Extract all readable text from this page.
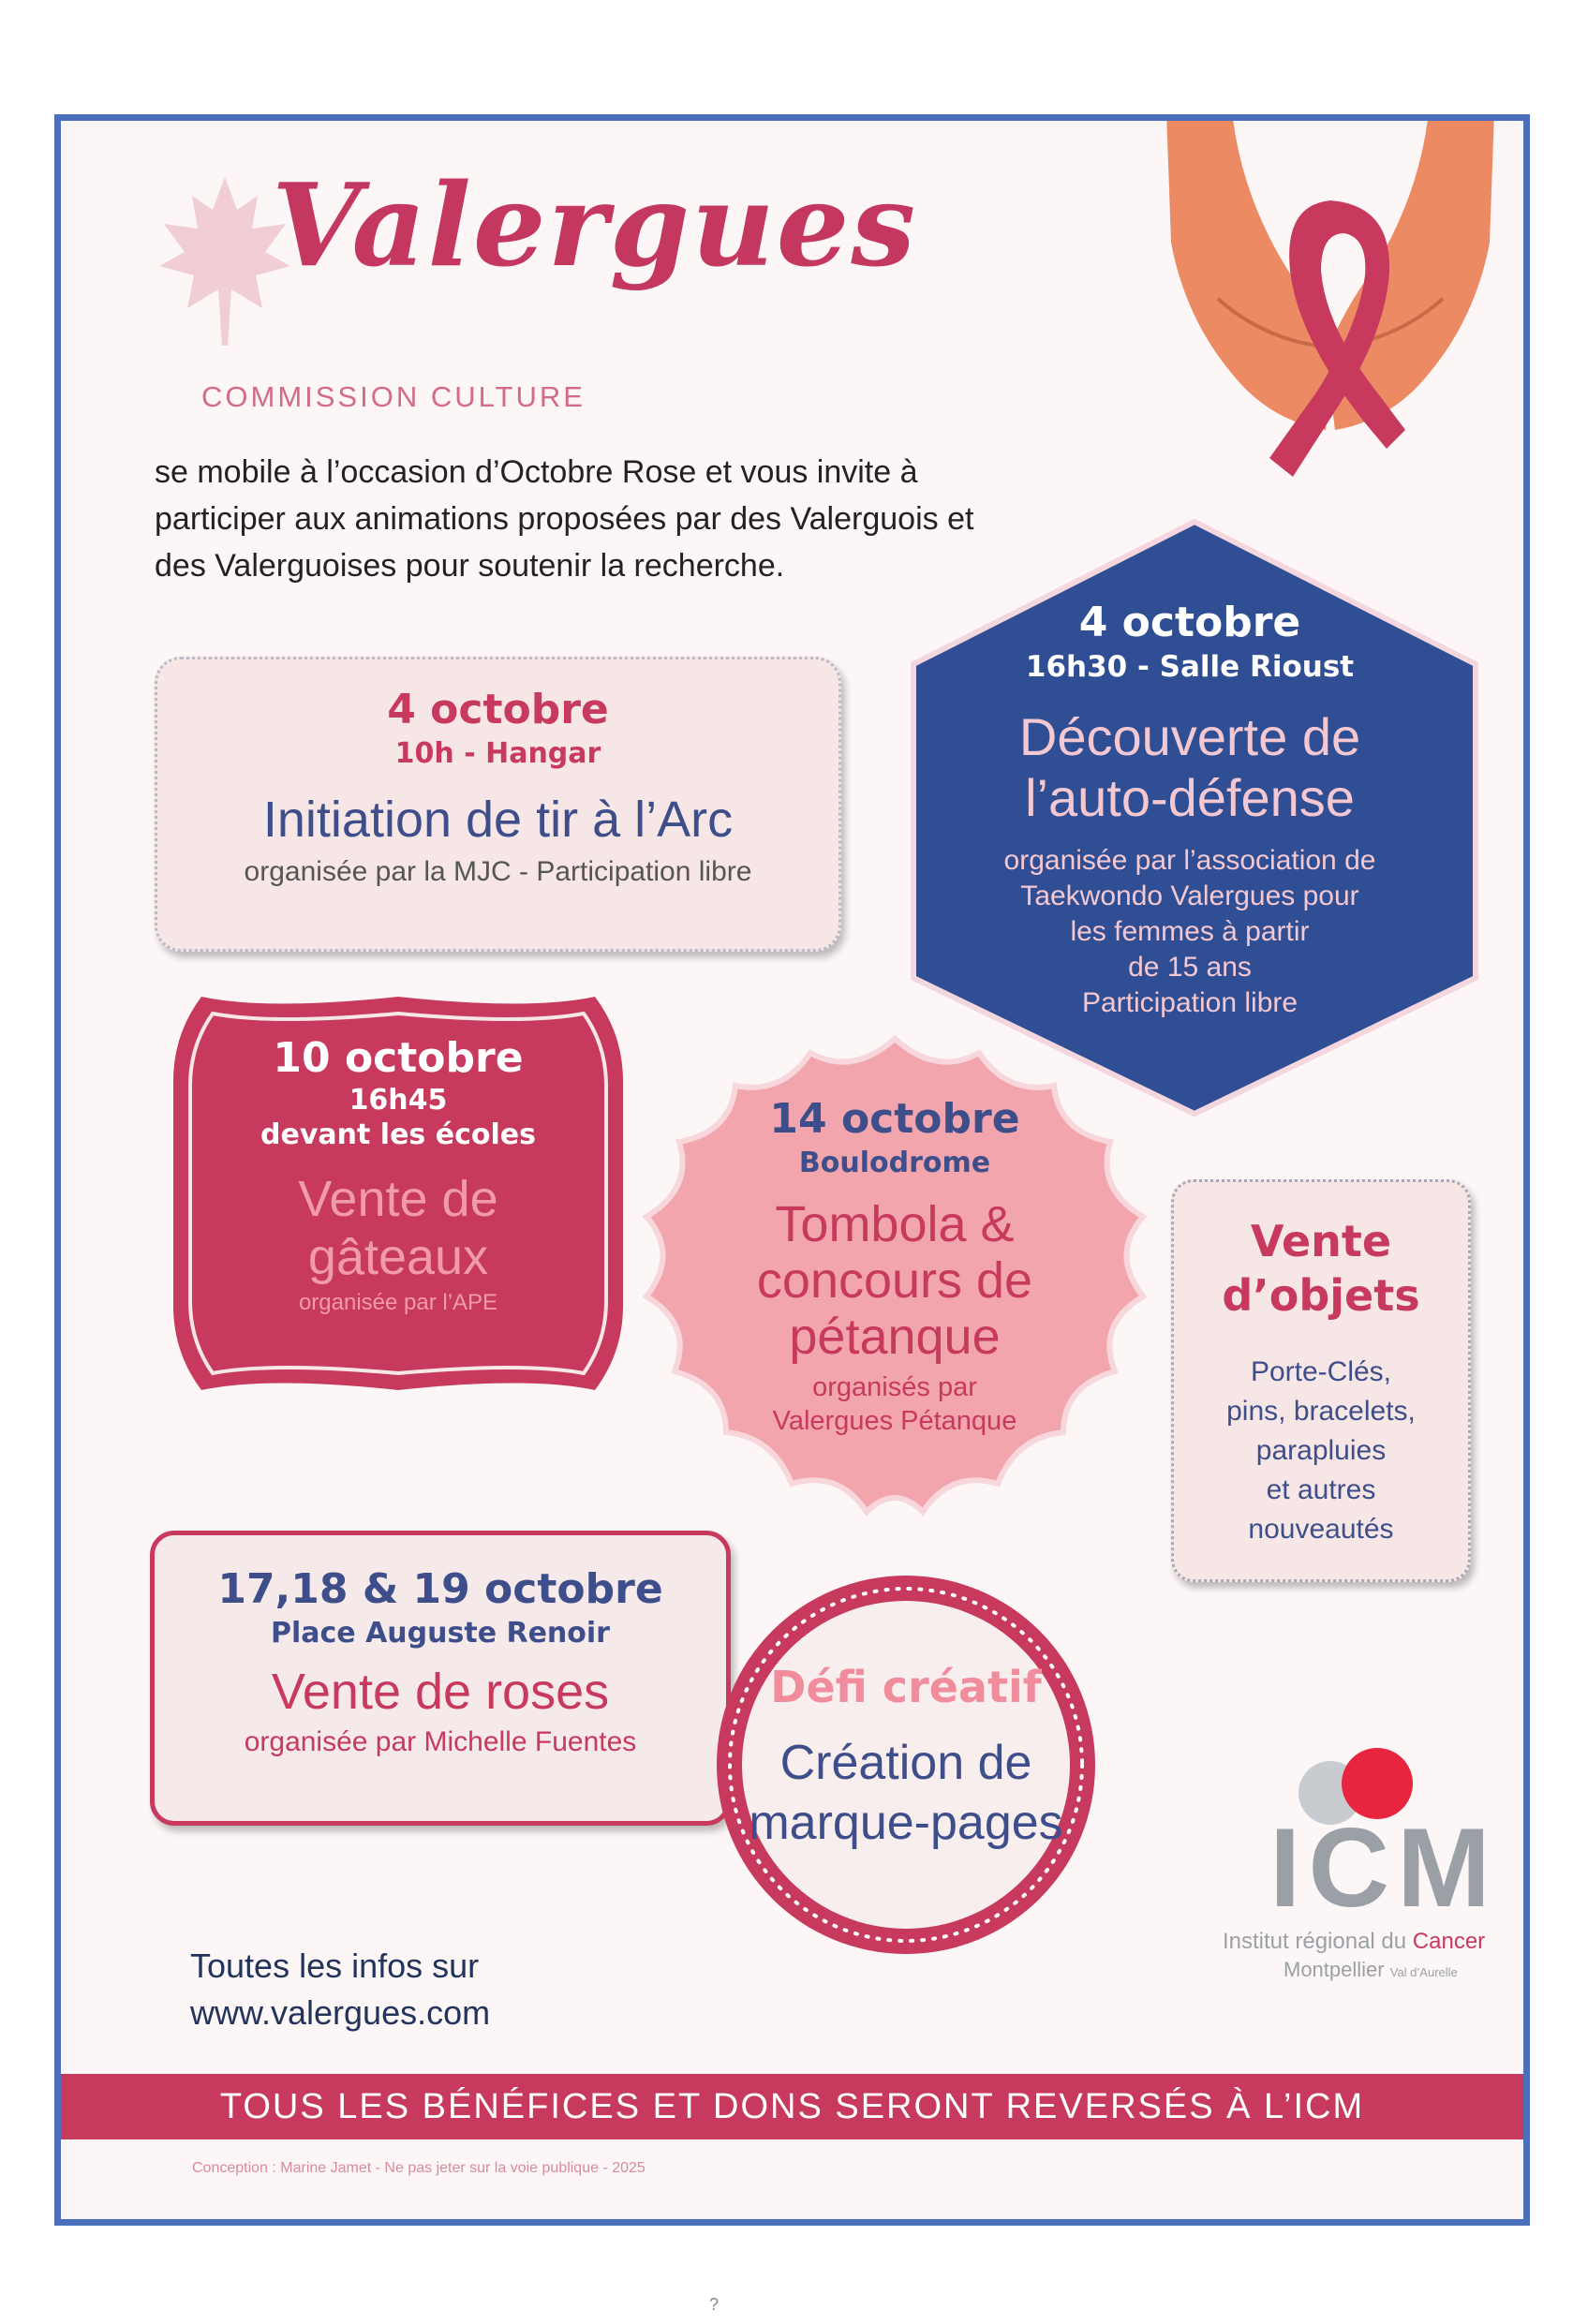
Valergues
COMMISSION CULTURE
se mobile à l’occasion d’Octobre Rose et vous invite à
participer aux animations proposées par des Valerguois et
des Valerguoises pour soutenir la recherche.
4 octobre
10h - Hangar
Initiation de tir à l’Arc
organisée par la MJC - Participation libre
4 octobre
16h30 - Salle Rioust
Découverte de
l’auto-défense
organisée par l’association de
Taekwondo Valergues pour
les femmes à partir
de 15 ans
Participation libre
10 octobre
16h45
devant les écoles
Vente de
gâteaux
organisée par l’APE
14 octobre
Boulodrome
Tombola &
concours de
pétanque
organisés par
Valergues Pétanque
Vente
d’objets
Porte-Clés,
pins, bracelets,
parapluies
et autres
nouveautés
17,18 & 19 octobre
Place Auguste Renoir
Vente de roses
organisée par Michelle Fuentes
Défi créatif
Création de
marque-pages ICM
Institut régional du Cancer
Montpellier Val d’Aurelle
Toutes les infos sur
www.valergues.com
TOUS LES BÉNÉFICES ET DONS SERONT REVERSÉS À L’ICM
Conception : Marine Jamet - Ne pas jeter sur la voie publique - 2025
?
